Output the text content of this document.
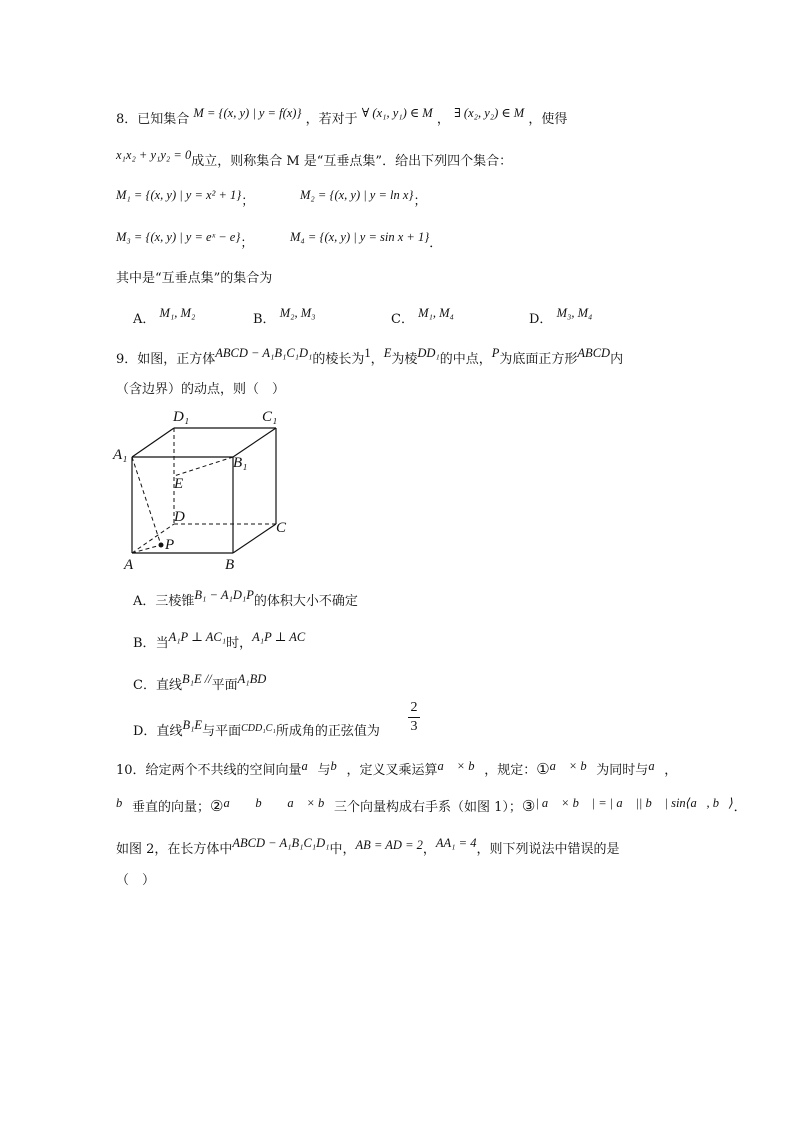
8．已知集合 M = {(x, y) | y = f(x)} ，若对于 ∀ (x₁, y₁) ∈ M ， ∃ (x₂, y₂) ∈ M ，使得
x₁x₂ + y₁y₂ = 0成立，则称集合 M 是“互垂点集”．给出下列四个集合：
M₁ = {(x, y) | y = x² + 1}；	M₂ = {(x, y) | y = ln x}；
M₃ = {(x, y) | y = eˣ − e}；	M₄ = {(x, y) | y = sin x + 1}．
其中是“互垂点集”的集合为
A． M₁, M₂	B． M₂, M₃	C． M₁, M₄	D． M₃, M₄
9．如图，正方体ABCD − A₁B₁C₁D₁的棱长为1，E为棱DD₁的中点，P为底面正方形ABCD内
（含边界）的动点，则（　）
D₁	C₁
A₁	B₁
E
D
C
P
A	B
A．三棱锥B₁ − A₁D₁P的体积大小不确定
B．当A₁P ⊥ AC₁时，A₁P ⊥ AC
C．直线B₁E //平面A₁BD
D．直线B₁E与平面$^{CDD_1C_1}$所成角的正弦值为
2
3
10．给定两个不共线的空间向量a⃗与b⃗，定义叉乘运算a⃗ × b⃗，规定：①a⃗ × b⃗为同时与a⃗，
b⃗垂直的向量；②a⃗ ， b⃗ ， a⃗ × b⃗三个向量构成右手系（如图 1）；③| a⃗ × b⃗ | = | a⃗ || b⃗ | sin⟨a⃗, b⃗⟩．
如图 2，在长方体中ABCD − A₁B₁C₁D₁中，AB = AD = 2，AA₁ = 4，则下列说法中错误的是
（　）
